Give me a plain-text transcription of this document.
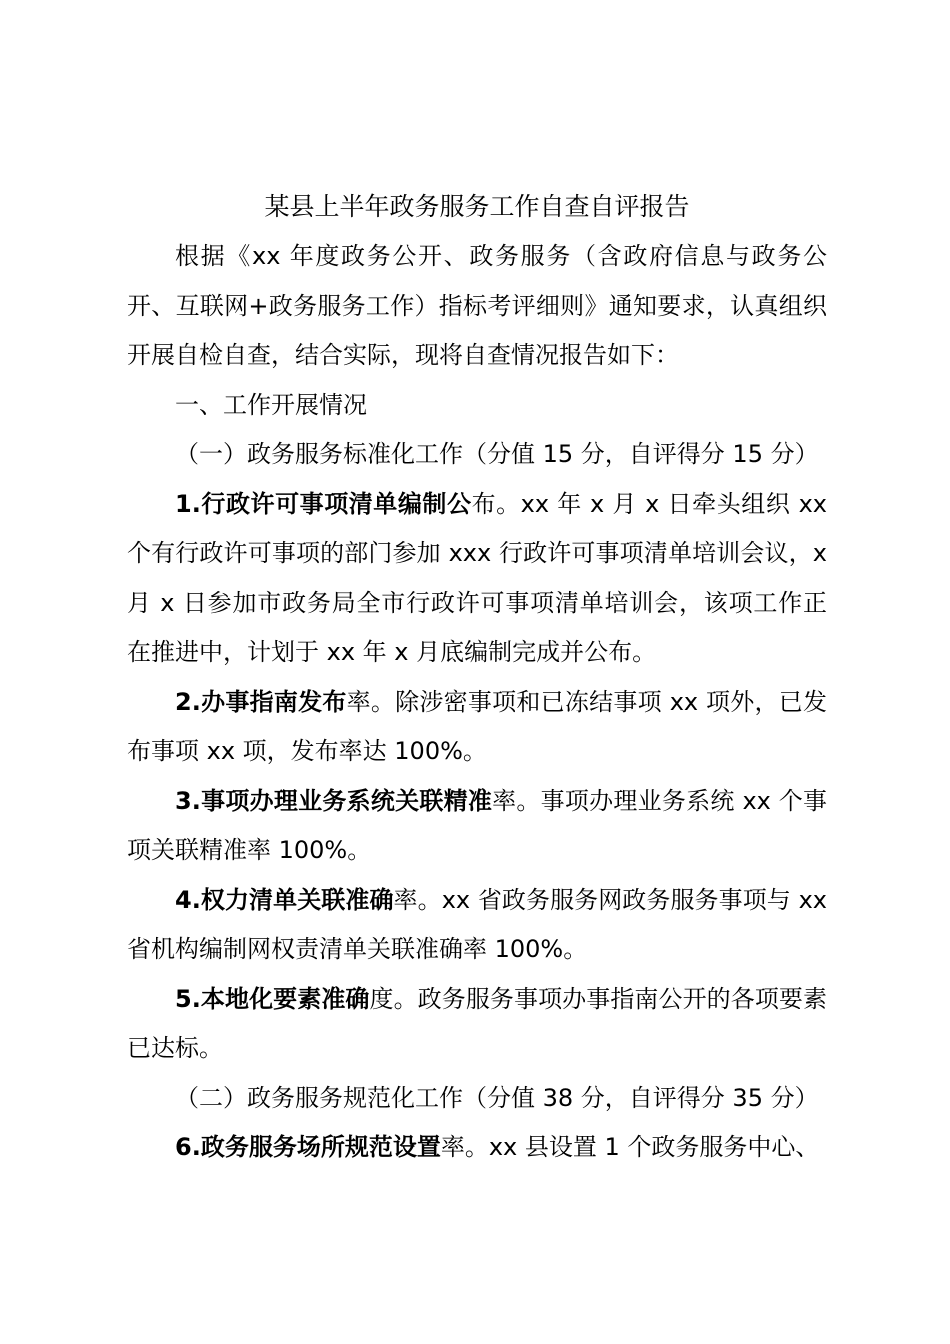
某县上半年政务服务工作自查自评报告

根据《xx 年度政务公开、政务服务（含政府信息与政务公开、互联网+政务服务工作）指标考评细则》通知要求，认真组织开展自检自查，结合实际，现将自查情况报告如下：

一、工作开展情况

（一）政务服务标准化工作（分值 15 分，自评得分 15 分）

1.行政许可事项清单编制公布。xx 年 x 月 x 日牵头组织 xx 个有行政许可事项的部门参加 xxx 行政许可事项清单培训会议，x 月 x 日参加市政务局全市行政许可事项清单培训会，该项工作正在推进中，计划于 xx 年 x 月底编制完成并公布。

2.办事指南发布率。除涉密事项和已冻结事项 xx 项外，已发布事项 xx 项，发布率达 100%。

3.事项办理业务系统关联精准率。事项办理业务系统 xx 个事项关联精准率 100%。

4.权力清单关联准确率。xx 省政务服务网政务服务事项与 xx 省机构编制网权责清单关联准确率 100%。

5.本地化要素准确度。政务服务事项办事指南公开的各项要素已达标。

（二）政务服务规范化工作（分值 38 分，自评得分 35 分）

6.政务服务场所规范设置率。xx 县设置 1 个政务服务中心、
